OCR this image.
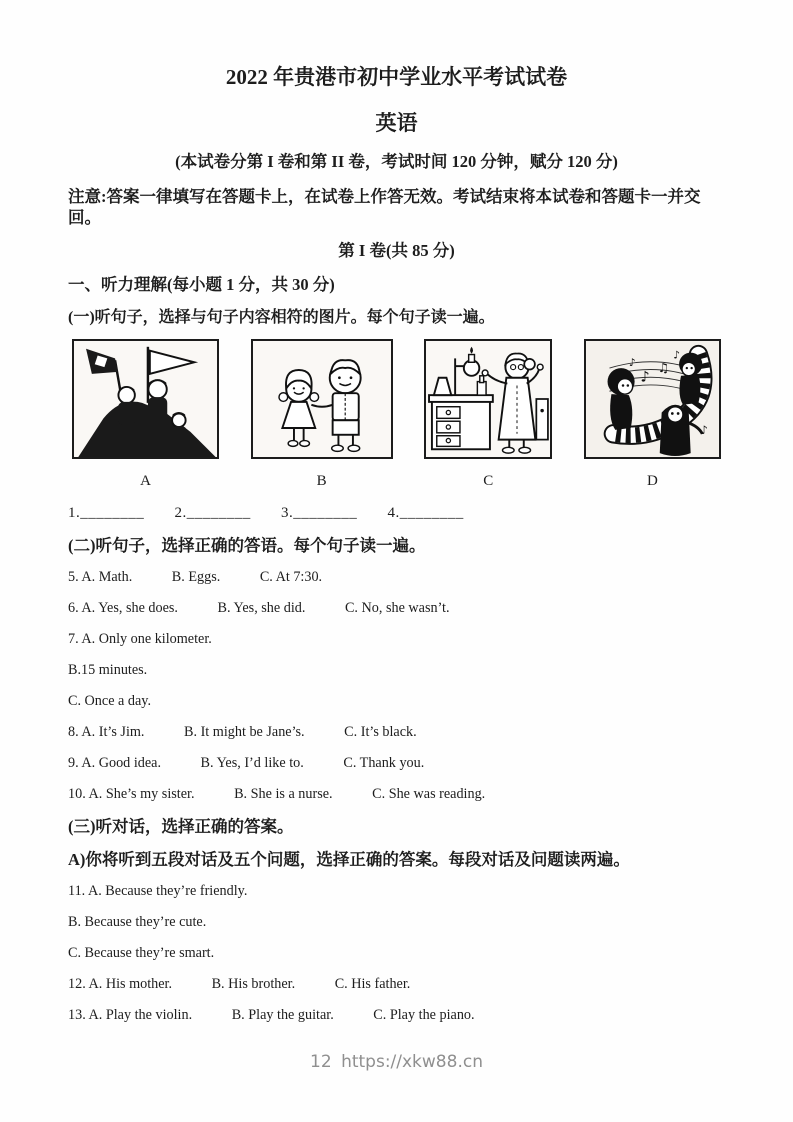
2022 年贵港市初中学业水平考试试卷
英语
(本试卷分第 I 卷和第 II 卷，考试时间 120 分钟，赋分 120 分)
注意:答案一律填写在答题卡上，在试卷上作答无效。考试结束将本试卷和答题卡一并交回。
第 I 卷(共 85 分)
一、听力理解(每小题 1 分，共 30 分)
(一)听句子，选择与句子内容相符的图片。每个句子读一遍。
♪
♫
♪
♪
♪
A	B	C	D
1.________ 2.________ 3.________ 4.________
(二)听句子，选择正确的答语。每个句子读一遍。
5. A. Math.	B. Eggs.	C. At 7:30.
6. A. Yes, she does.	B. Yes, she did.	C. No, she wasn’t.
7. A. Only one kilometer.
B.15 minutes.
C. Once a day.
8. A. It’s Jim.	B. It might be Jane’s.	C. It’s black.
9. A. Good idea.	B. Yes, I’d like to.	C. Thank you.
10. A. She’s my sister.	B. She is a nurse.	C. She was reading.
(三)听对话，选择正确的答案。
A)你将听到五段对话及五个问题，选择正确的答案。每段对话及问题读两遍。
11. A. Because they’re friendly.
B. Because they’re cute.
C. Because they’re smart.
12. A. His mother.	B. His brother.	C. His father.
13. A. Play the violin.	B. Play the guitar.	C. Play the piano.
12 https://xkw88.cn
